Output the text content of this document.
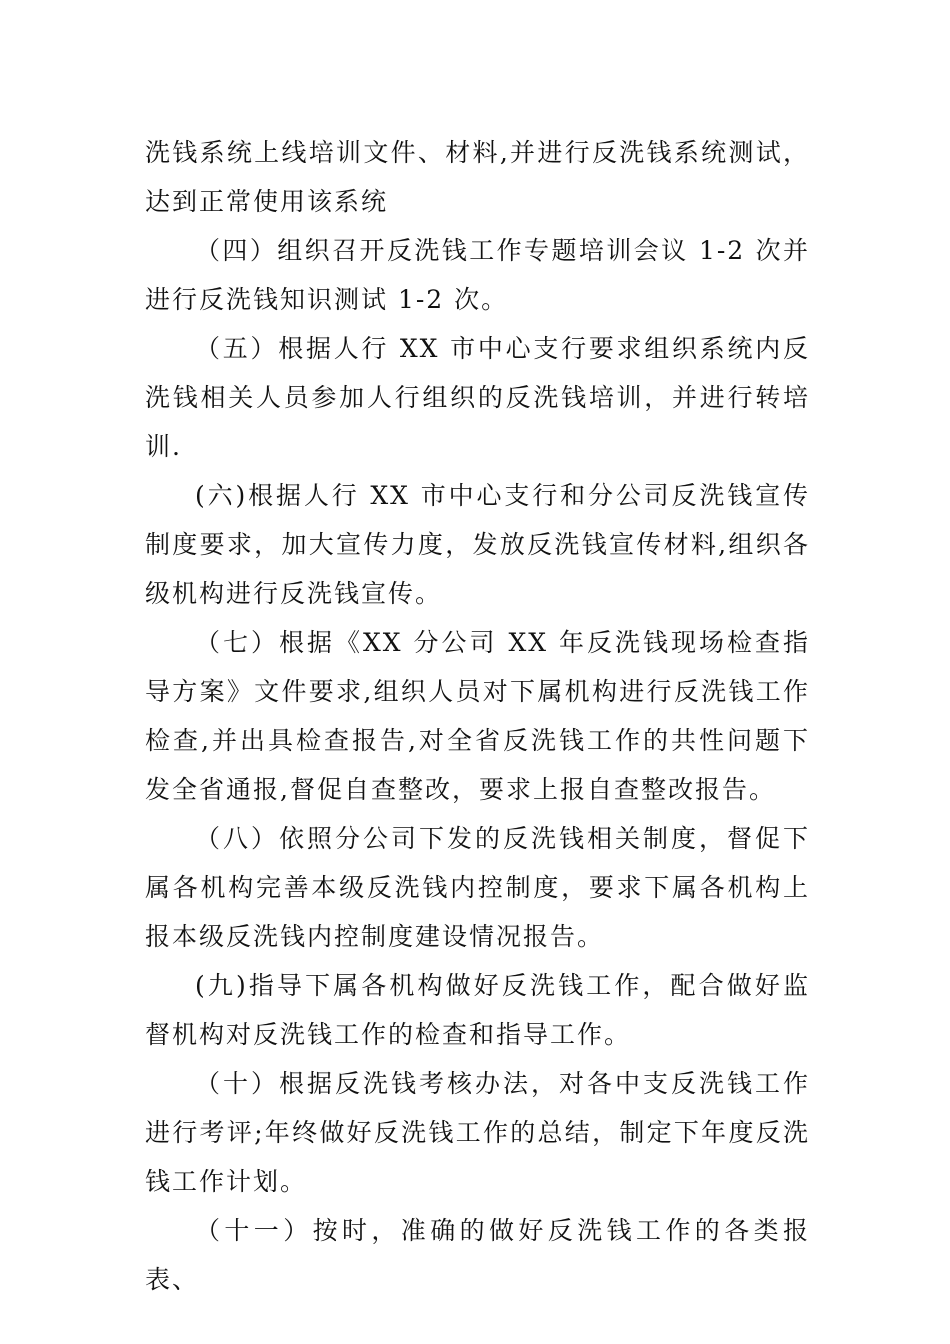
洗钱系统上线培训文件、材料,并进行反洗钱系统测试，达到正常使用该系统

（四）组织召开反洗钱工作专题培训会议 1-2 次并进行反洗钱知识测试 1-2 次。

（五）根据人行 XX 市中心支行要求组织系统内反洗钱相关人员参加人行组织的反洗钱培训，并进行转培训.

(六)根据人行 XX 市中心支行和分公司反洗钱宣传制度要求，加大宣传力度，发放反洗钱宣传材料,组织各级机构进行反洗钱宣传。

（七）根据《XX 分公司 XX 年反洗钱现场检查指导方案》文件要求,组织人员对下属机构进行反洗钱工作检查,并出具检查报告,对全省反洗钱工作的共性问题下发全省通报,督促自查整改，要求上报自查整改报告。

（八）依照分公司下发的反洗钱相关制度，督促下属各机构完善本级反洗钱内控制度，要求下属各机构上报本级反洗钱内控制度建设情况报告。

(九)指导下属各机构做好反洗钱工作，配合做好监督机构对反洗钱工作的检查和指导工作。

（十）根据反洗钱考核办法，对各中支反洗钱工作进行考评;年终做好反洗钱工作的总结，制定下年度反洗钱工作计划。

（十一）按时，准确的做好反洗钱工作的各类报表、
